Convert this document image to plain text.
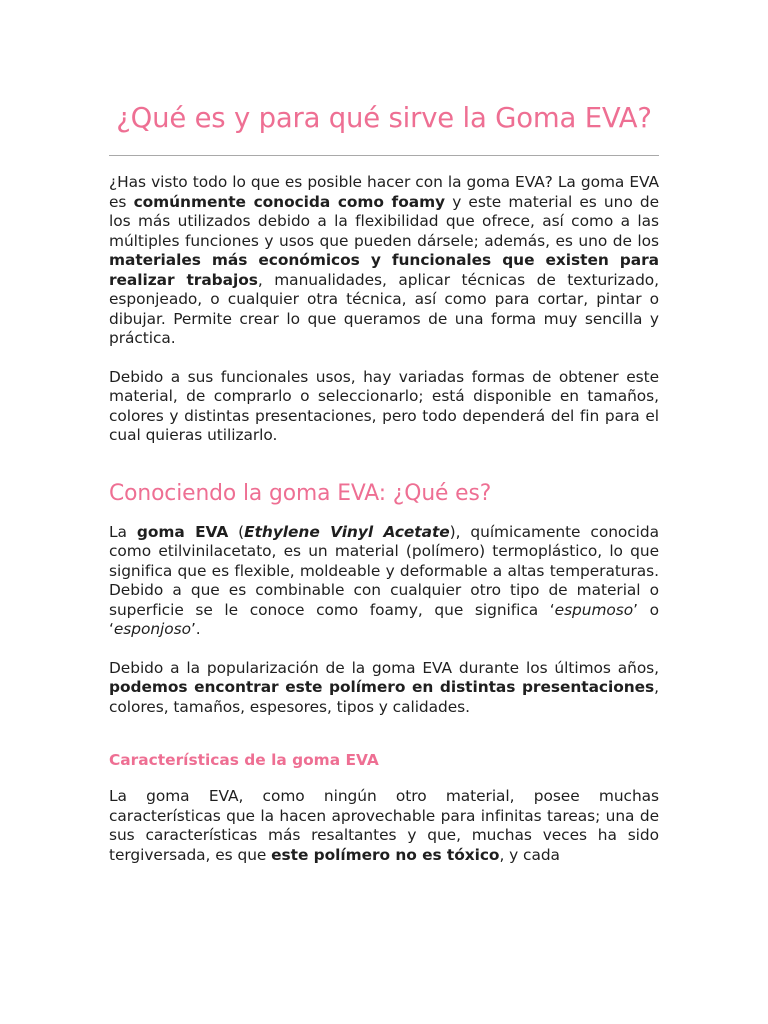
¿Qué es y para qué sirve la Goma EVA?

¿Has visto todo lo que es posible hacer con la goma EVA? La goma EVA es comúnmente conocida como foamy y este material es uno de los más utilizados debido a la flexibilidad que ofrece, así como a las múltiples funciones y usos que pueden dársele; además, es uno de los materiales más económicos y funcionales que existen para realizar trabajos, manualidades, aplicar técnicas de texturizado, esponjeado, o cualquier otra técnica, así como para cortar, pintar o dibujar. Permite crear lo que queramos de una forma muy sencilla y práctica.

Debido a sus funcionales usos, hay variadas formas de obtener este material, de comprarlo o seleccionarlo; está disponible en tamaños, colores y distintas presentaciones, pero todo dependerá del fin para el cual quieras utilizarlo.

Conociendo la goma EVA: ¿Qué es?

La goma EVA (Ethylene Vinyl Acetate), químicamente conocida como etilvinilacetato, es un material (polímero) termoplástico, lo que significa que es flexible, moldeable y deformable a altas temperaturas. Debido a que es combinable con cualquier otro tipo de material o superficie se le conoce como foamy, que significa ‘espumoso’ o ‘esponjoso’.

Debido a la popularización de la goma EVA durante los últimos años, podemos encontrar este polímero en distintas presentaciones, colores, tamaños, espesores, tipos y calidades.

Características de la goma EVA

La goma EVA, como ningún otro material, posee muchas características que la hacen aprovechable para infinitas tareas; una de sus características más resaltantes y que, muchas veces ha sido tergiversada, es que este polímero no es tóxico, y cada
